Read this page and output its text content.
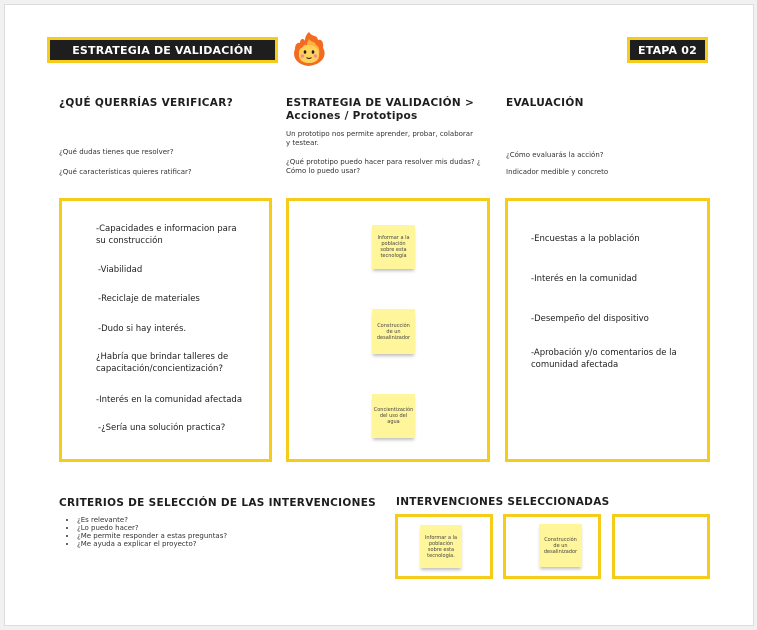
ESTRATEGIA DE VALIDACIÓN	ETAPA 02
¿QUÉ QUERRÍAS VERIFICAR?
¿Qué dudas tienes que resolver?
¿Qué características quieres ratificar?
-Capacidades e informacion para su construcción
-Viabilidad
-Reciclaje de materiales
-Dudo si hay interés.
¿Habría que brindar talleres de capacitación/concientización?
-Interés en la comunidad afectada
-¿Sería una solución practica?
ESTRATEGIA DE VALIDACIÓN >
Acciones / Prototipos
Un prototipo nos permite aprender, probar, colaborar y testear.
¿Qué prototipo puedo hacer para resolver mis dudas? ¿ Cómo lo puedo usar?
Informar a la población sobre esta tecnología
Construcción de un desalinizador
Concientización del uso del agua
EVALUACIÓN
¿Cómo evaluarás la acción?
Indicador medible y concreto
-Encuestas a la población
-Interés en la comunidad
-Desempeño del dispositivo
-Aprobación y/o comentarios de la comunidad afectada
CRITERIOS DE SELECCIÓN DE LAS INTERVENCIONES
• ¿Es relevante?
• ¿Lo puedo hacer?
• ¿Me permite responder a estas preguntas?
• ¿Me ayuda a explicar el proyecto?
INTERVENCIONES SELECCIONADAS
Informar a la población sobre esta tecnología.
Construcción de un desalinizador
